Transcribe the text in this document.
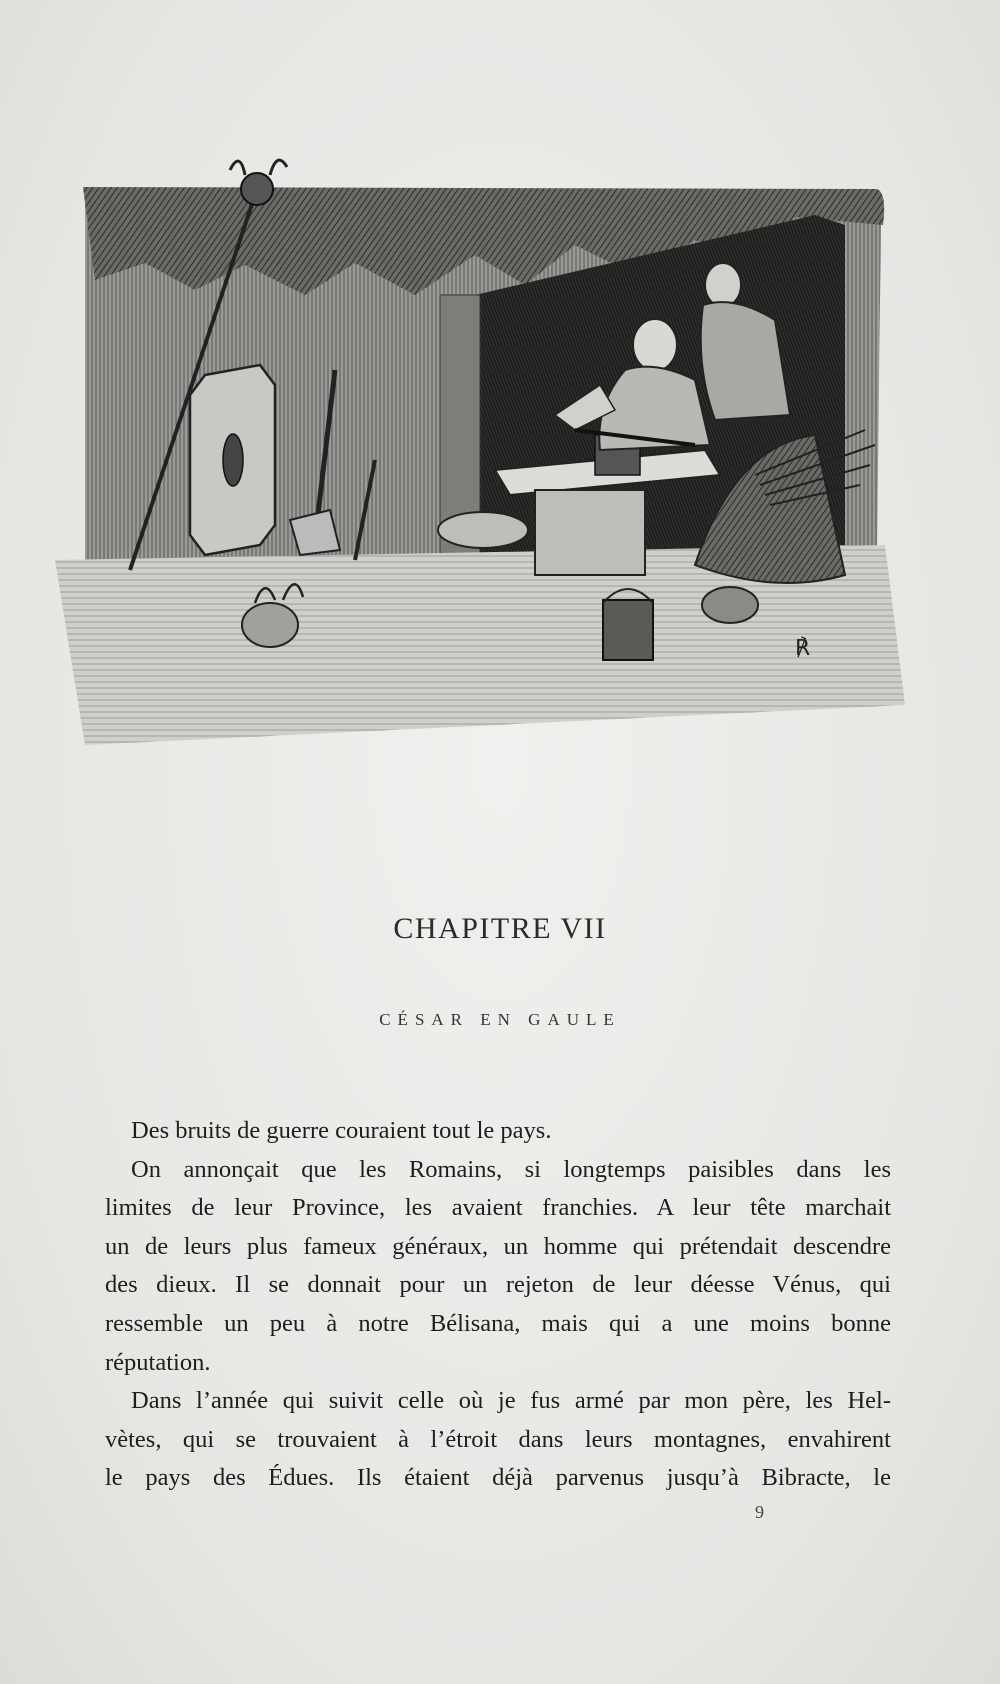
℟
CHAPITRE VII
CÉSAR EN GAULE
Des bruits de guerre couraient tout le pays.
On annonçait que les Romains, si longtemps paisibles dans les
limites de leur Province, les avaient franchies. A leur tête marchait
un de leurs plus fameux généraux, un homme qui prétendait descendre
des dieux. Il se donnait pour un rejeton de leur déesse Vénus, qui
ressemble un peu à notre Bélisana, mais qui a une moins bonne
réputation.
Dans l’année qui suivit celle où je fus armé par mon père, les Hel-
vètes, qui se trouvaient à l’étroit dans leurs montagnes, envahirent
le pays des Édues. Ils étaient déjà parvenus jusqu’à Bibracte, le
9
